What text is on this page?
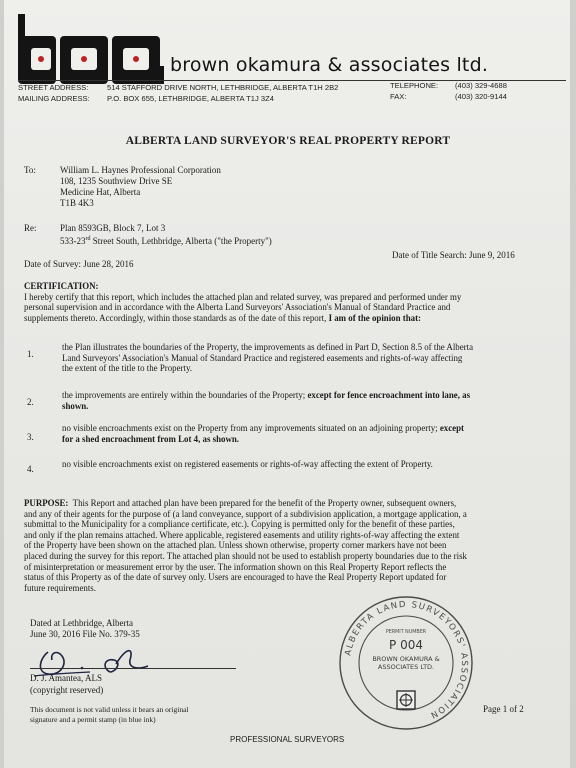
brown okamura & associates ltd.
STREET ADDRESS: 514 STAFFORD DRIVE NORTH, LETHBRIDGE, ALBERTA T1H 2B2
MAILING ADDRESS: P.O. BOX 655, LETHBRIDGE, ALBERTA T1J 3Z4
TELEPHONE: (403) 329-4688
FAX:	(403) 320-9144
ALBERTA LAND SURVEYOR'S REAL PROPERTY REPORT
To:	William L. Haynes Professional Corporation
108, 1235 Southview Drive SE
Medicine Hat, Alberta
T1B 4K3
Re:	Plan 8593GB, Block 7, Lot 3
533-23rd Street South, Lethbridge, Alberta ("the Property")
Date of Title Search: June 9, 2016
Date of Survey: June 28, 2016
CERTIFICATION:
I hereby certify that this report, which includes the attached plan and related survey, was prepared and performed under my
personal supervision and in accordance with the Alberta Land Surveyors' Association's Manual of Standard Practice and
supplements thereto. Accordingly, within those standards as of the date of this report, I am of the opinion that:
1.
the Plan illustrates the boundaries of the Property, the improvements as defined in Part D, Section 8.5 of the Alberta
Land Surveyors' Association's Manual of Standard Practice and registered easements and rights-of-way affecting
the extent of the title to the Property.
2.
the improvements are entirely within the boundaries of the Property; except for fence encroachment into lane, as
shown.
3.
no visible encroachments exist on the Property from any improvements situated on an adjoining property; except
for a shed encroachment from Lot 4, as shown.
4.	no visible encroachments exist on registered easements or rights-of-way affecting the extent of Property.
PURPOSE: This Report and attached plan have been prepared for the benefit of the Property owner, subsequent owners,
and any of their agents for the purpose of (a land conveyance, support of a subdivision application, a mortgage application, a
submittal to the Municipality for a compliance certificate, etc.). Copying is permitted only for the benefit of these parties,
and only if the plan remains attached. Where applicable, registered easements and utility rights-of-way affecting the extent
of the Property have been shown on the attached plan. Unless shown otherwise, property corner markers have not been
placed during the survey for this report. The attached plan should not be used to establish property boundaries due to the risk
of misinterpretation or measurement error by the user. The information shown on this Real Property Report reflects the
status of this Property as of the date of survey only. Users are encouraged to have the Real Property Report updated for
future requirements.
Dated at Lethbridge, Alberta
June 30, 2016 File No. 379-35
D. J. Amantea, ALS
(copyright reserved)
This document is not valid unless it bears an original
signature and a permit stamp (in blue ink)
ALBERTA LAND SURVEYORS' ASSOCIATION
PERMIT NUMBER
P 004
BROWN OKAMURA &
ASSOCIATES LTD.
Page 1 of 2
PROFESSIONAL SURVEYORS
